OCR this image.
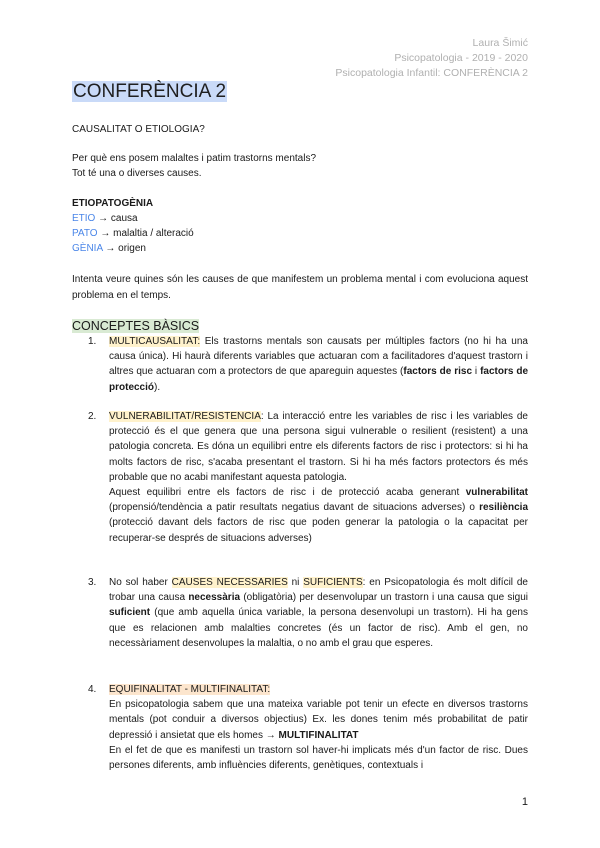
Laura Šimić
Psicopatologia - 2019 - 2020
Psicopatologia Infantil: CONFERÈNCIA 2
CONFERÈNCIA 2
CAUSALITAT O ETIOLOGIA?
Per què ens posem malaltes i patim trastorns mentals?
Tot té una o diverses causes.
ETIOPATOGÈNIA
ETIO → causa
PATO → malaltia / alteració
GÈNIA → origen
Intenta veure quines són les causes de que manifestem un problema mental i com evoluciona aquest problema en el temps.
CONCEPTES BÀSICS
1. MULTICAUSALITAT: Els trastorns mentals son causats per múltiples factors (no hi ha una causa única). Hi haurà diferents variables que actuaran com a facilitadores d'aquest trastorn i altres que actuaran com a protectors de que apareguin aquestes (factors de risc i factors de protecció).

2. VULNERABILITAT/RESISTENCIA: La interacció entre les variables de risc i les variables de protecció és el que genera que una persona sigui vulnerable o resilient (resistent) a una patologia concreta. Es dóna un equilibri entre els diferents factors de risc i protectors: si hi ha molts factors de risc, s'acaba presentant el trastorn. Si hi ha més factors protectors és més probable que no acabi manifestant aquesta patologia.

Aquest equilibri entre els factors de risc i de protecció acaba generant vulnerabilitat (propensió/tendència a patir resultats negatius davant de situacions adverses) o resiliència (protecció davant dels factors de risc que poden generar la patologia o la capacitat per recuperar-se després de situacions adverses)

3. No sol haber CAUSES NECESSARIES ni SUFICIENTS: en Psicopatologia és molt difícil de trobar una causa necessària (obligatòria) per desenvolupar un trastorn i una causa que sigui suficient (que amb aquella única variable, la persona desenvolupi un trastorn). Hi ha gens que es relacionen amb malalties concretes (és un factor de risc). Amb el gen, no necessàriament desenvolupes la malaltia, o no amb el grau que esperes.

4. EQUIFINALITAT - MULTIFINALITAT:

En psicopatologia sabem que una mateixa variable pot tenir un efecte en diversos trastorns mentals (pot conduir a diversos objectius) Ex. les dones tenim més probabilitat de patir depressió i ansietat que els homes → MULTIFINALITAT

En el fet de que es manifesti un trastorn sol haver-hi implicats més d'un factor de risc. Dues persones diferents, amb influències diferents, genètiques, contextuals i

1
